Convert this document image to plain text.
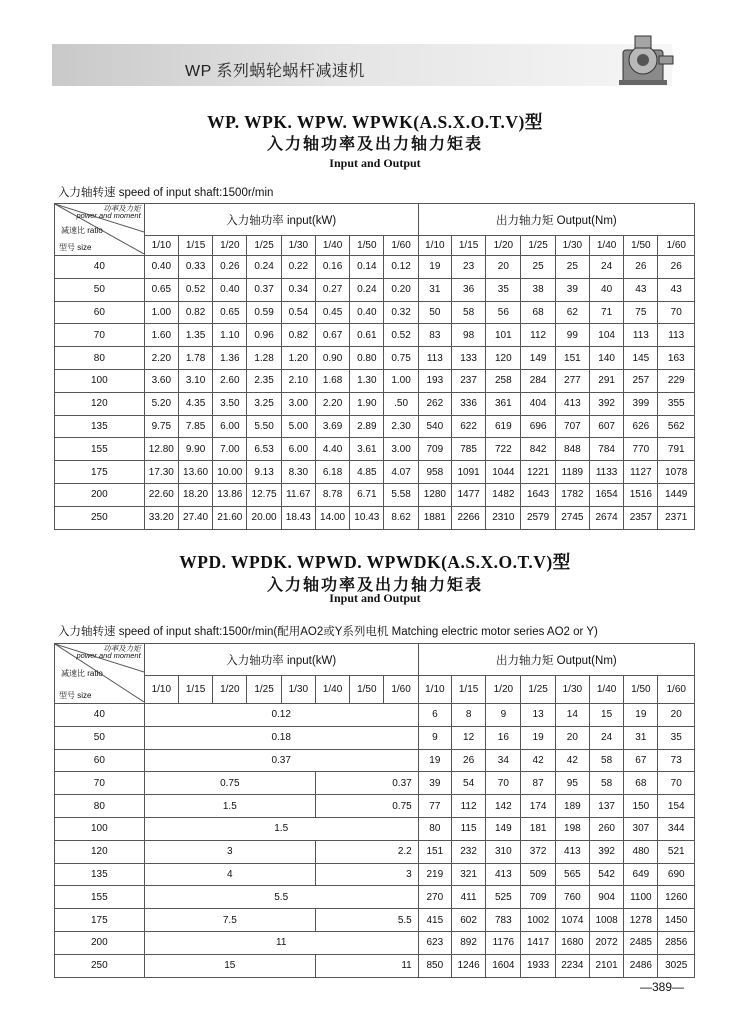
WP 系列蜗轮蜗杆减速机
WP. WPK. WPW. WPWK(A.S.X.O.T.V)型
入力轴功率及出力轴力矩表
Input and Output
入力轴转速 speed of input shaft:1500r/min
功率及力矩
power and moment
减速比 ratio
型号 size	入力轴功率 input(kW)								出力轴力矩 Output(Nm)							
	1/10	1/15	1/20	1/25	1/30	1/40	1/50	1/60	1/10	1/15	1/20	1/25	1/30	1/40	1/50	1/60
40	0.40	0.33	0.26	0.24	0.22	0.16	0.14	0.12	19	23	20	25	25	24	26	26
50	0.65	0.52	0.40	0.37	0.34	0.27	0.24	0.20	31	36	35	38	39	40	43	43
60	1.00	0.82	0.65	0.59	0.54	0.45	0.40	0.32	50	58	56	68	62	71	75	70
70	1.60	1.35	1.10	0.96	0.82	0.67	0.61	0.52	83	98	101	112	99	104	113	113
80	2.20	1.78	1.36	1.28	1.20	0.90	0.80	0.75	113	133	120	149	151	140	145	163
100	3.60	3.10	2.60	2.35	2.10	1.68	1.30	1.00	193	237	258	284	277	291	257	229
120	5.20	4.35	3.50	3.25	3.00	2.20	1.90	.50	262	336	361	404	413	392	399	355
135	9.75	7.85	6.00	5.50	5.00	3.69	2.89	2.30	540	622	619	696	707	607	626	562
155	12.80	9.90	7.00	6.53	6.00	4.40	3.61	3.00	709	785	722	842	848	784	770	791
175	17.30	13.60	10.00	9.13	8.30	6.18	4.85	4.07	958	1091	1044	1221	1189	1133	1127	1078
200	22.60	18.20	13.86	12.75	11.67	8.78	6.71	5.58	1280	1477	1482	1643	1782	1654	1516	1449
250	33.20	27.40	21.60	20.00	18.43	14.00	10.43	8.62	1881	2266	2310	2579	2745	2674	2357	2371
WPD. WPDK. WPWD. WPWDK(A.S.X.O.T.V)型
入力轴功率及出力轴力矩表
Input and Output
入力轴转速 speed of input shaft:1500r/min(配用AO2或Y系列电机 Matching electric motor series AO2 or Y)
功率及力矩
power and moment
减速比 ratio
型号 size	入力轴功率 input(kW)								出力轴力矩 Output(Nm)							
	1/10	1/15	1/20	1/25	1/30	1/40	1/50	1/60	1/10	1/15	1/20	1/25	1/30	1/40	1/50	1/60
40	0.12								6	8	9	13	14	15	19	20
50	0.18								9	12	16	19	20	24	31	35
60	0.37								19	26	34	42	42	58	67	73
70	0.75					0.37			39	54	70	87	95	58	68	70
80	1.5					0.75			77	112	142	174	189	137	150	154
100	1.5								80	115	149	181	198	260	307	344
120	3					2.2			151	232	310	372	413	392	480	521
135	4					3			219	321	413	509	565	542	649	690
155	5.5								270	411	525	709	760	904	1100	1260
175	7.5					5.5			415	602	783	1002	1074	1008	1278	1450
200	11								623	892	1176	1417	1680	2072	2485	2856
250	15					11			850	1246	1604	1933	2234	2101	2486	3025
—389—
